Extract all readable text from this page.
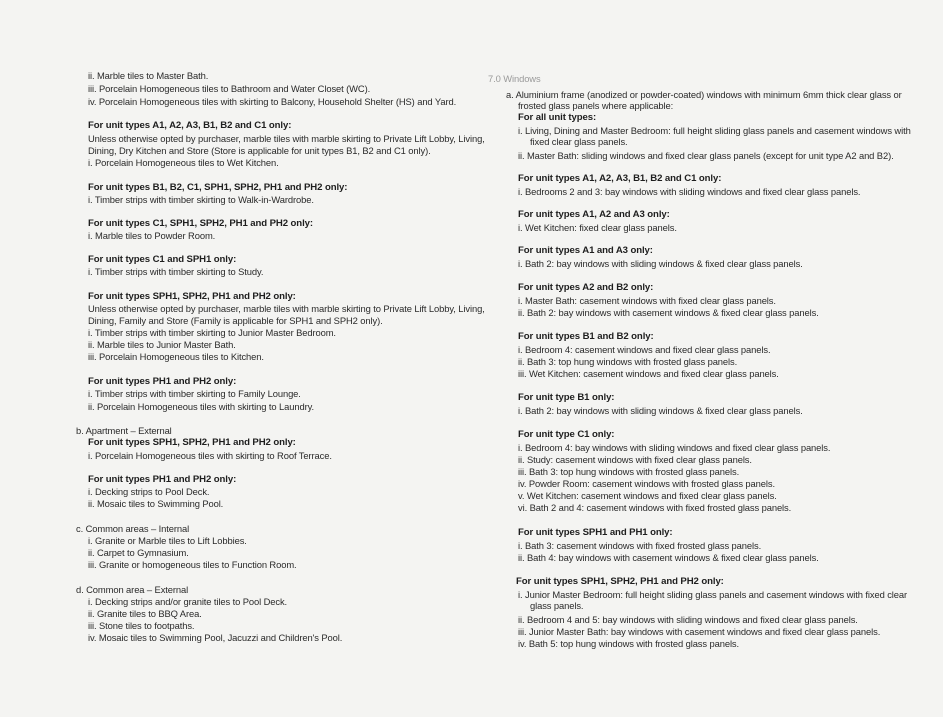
ii. Marble tiles to Master Bath.
iii. Porcelain Homogeneous tiles to Bathroom and Water Closet (WC).
iv. Porcelain Homogeneous tiles with skirting to Balcony, Household Shelter (HS) and Yard.
For unit types A1, A2, A3, B1, B2 and C1 only:
Unless otherwise opted by purchaser, marble tiles with marble skirting to Private Lift Lobby, Living,
Dining, Dry Kitchen and Store (Store is applicable for unit types B1, B2 and C1 only).
i. Porcelain Homogeneous tiles to Wet Kitchen.
For unit types B1, B2, C1, SPH1, SPH2, PH1 and PH2 only:
i. Timber strips with timber skirting to Walk-in-Wardrobe.
For unit types C1, SPH1, SPH2, PH1 and PH2 only:
i. Marble tiles to Powder Room.
For unit types C1 and SPH1 only:
i. Timber strips with timber skirting to Study.
For unit types SPH1, SPH2, PH1 and PH2 only:
Unless otherwise opted by purchaser, marble tiles with marble skirting to Private Lift Lobby, Living,
Dining, Family and Store (Family is applicable for SPH1 and SPH2 only).
i. Timber strips with timber skirting to Junior Master Bedroom.
ii. Marble tiles to Junior Master Bath.
iii. Porcelain Homogeneous tiles to Kitchen.
For unit types PH1 and PH2 only:
i. Timber strips with timber skirting to Family Lounge.
ii. Porcelain Homogeneous tiles with skirting to Laundry.
b. Apartment – External
For unit types SPH1, SPH2, PH1 and PH2 only:
i. Porcelain Homogeneous tiles with skirting to Roof Terrace.
For unit types PH1 and PH2 only:
i. Decking strips to Pool Deck.
ii. Mosaic tiles to Swimming Pool.
c. Common areas – Internal
i. Granite or Marble tiles to Lift Lobbies.
ii. Carpet to Gymnasium.
iii. Granite or homogeneous tiles to Function Room.
d. Common area – External
i. Decking strips and/or granite tiles to Pool Deck.
ii. Granite tiles to BBQ Area.
iii. Stone tiles to footpaths.
iv. Mosaic tiles to Swimming Pool, Jacuzzi and Children's Pool.
7.0 Windows
a. Aluminium frame (anodized or powder-coated) windows with minimum 6mm thick clear glass or
frosted glass panels where applicable:
For all unit types:
i. Living, Dining and Master Bedroom: full height sliding glass panels and casement windows with
fixed clear glass panels.
ii. Master Bath: sliding windows and fixed clear glass panels (except for unit type A2 and B2).
For unit types A1, A2, A3, B1, B2 and C1 only:
i. Bedrooms 2 and 3: bay windows with sliding windows and fixed clear glass panels.
For unit types A1, A2 and A3 only:
i. Wet Kitchen: fixed clear glass panels.
For unit types A1 and A3 only:
i. Bath 2: bay windows with sliding windows & fixed clear glass panels.
For unit types A2 and B2 only:
i. Master Bath: casement windows with fixed clear glass panels.
ii. Bath 2: bay windows with casement windows & fixed clear glass panels.
For unit types B1 and B2 only:
i. Bedroom 4: casement windows and fixed clear glass panels.
ii. Bath 3: top hung windows with frosted glass panels.
iii. Wet Kitchen: casement windows and fixed clear glass panels.
For unit type B1 only:
i. Bath 2: bay windows with sliding windows & fixed clear glass panels.
For unit type C1 only:
i. Bedroom 4: bay windows with sliding windows and fixed clear glass panels.
ii. Study: casement windows with fixed clear glass panels.
iii. Bath 3: top hung windows with frosted glass panels.
iv. Powder Room: casement windows with frosted glass panels.
v. Wet Kitchen: casement windows and fixed clear glass panels.
vi. Bath 2 and 4: casement windows with fixed frosted glass panels.
For unit types SPH1 and PH1 only:
i. Bath 3: casement windows with fixed frosted glass panels.
ii. Bath 4: bay windows with casement windows & fixed clear glass panels.
For unit types SPH1, SPH2, PH1 and PH2 only:
i. Junior Master Bedroom: full height sliding glass panels and casement windows with fixed clear
glass panels.
ii. Bedroom 4 and 5: bay windows with sliding windows and fixed clear glass panels.
iii. Junior Master Bath: bay windows with casement windows and fixed clear glass panels.
iv. Bath 5: top hung windows with frosted glass panels.
